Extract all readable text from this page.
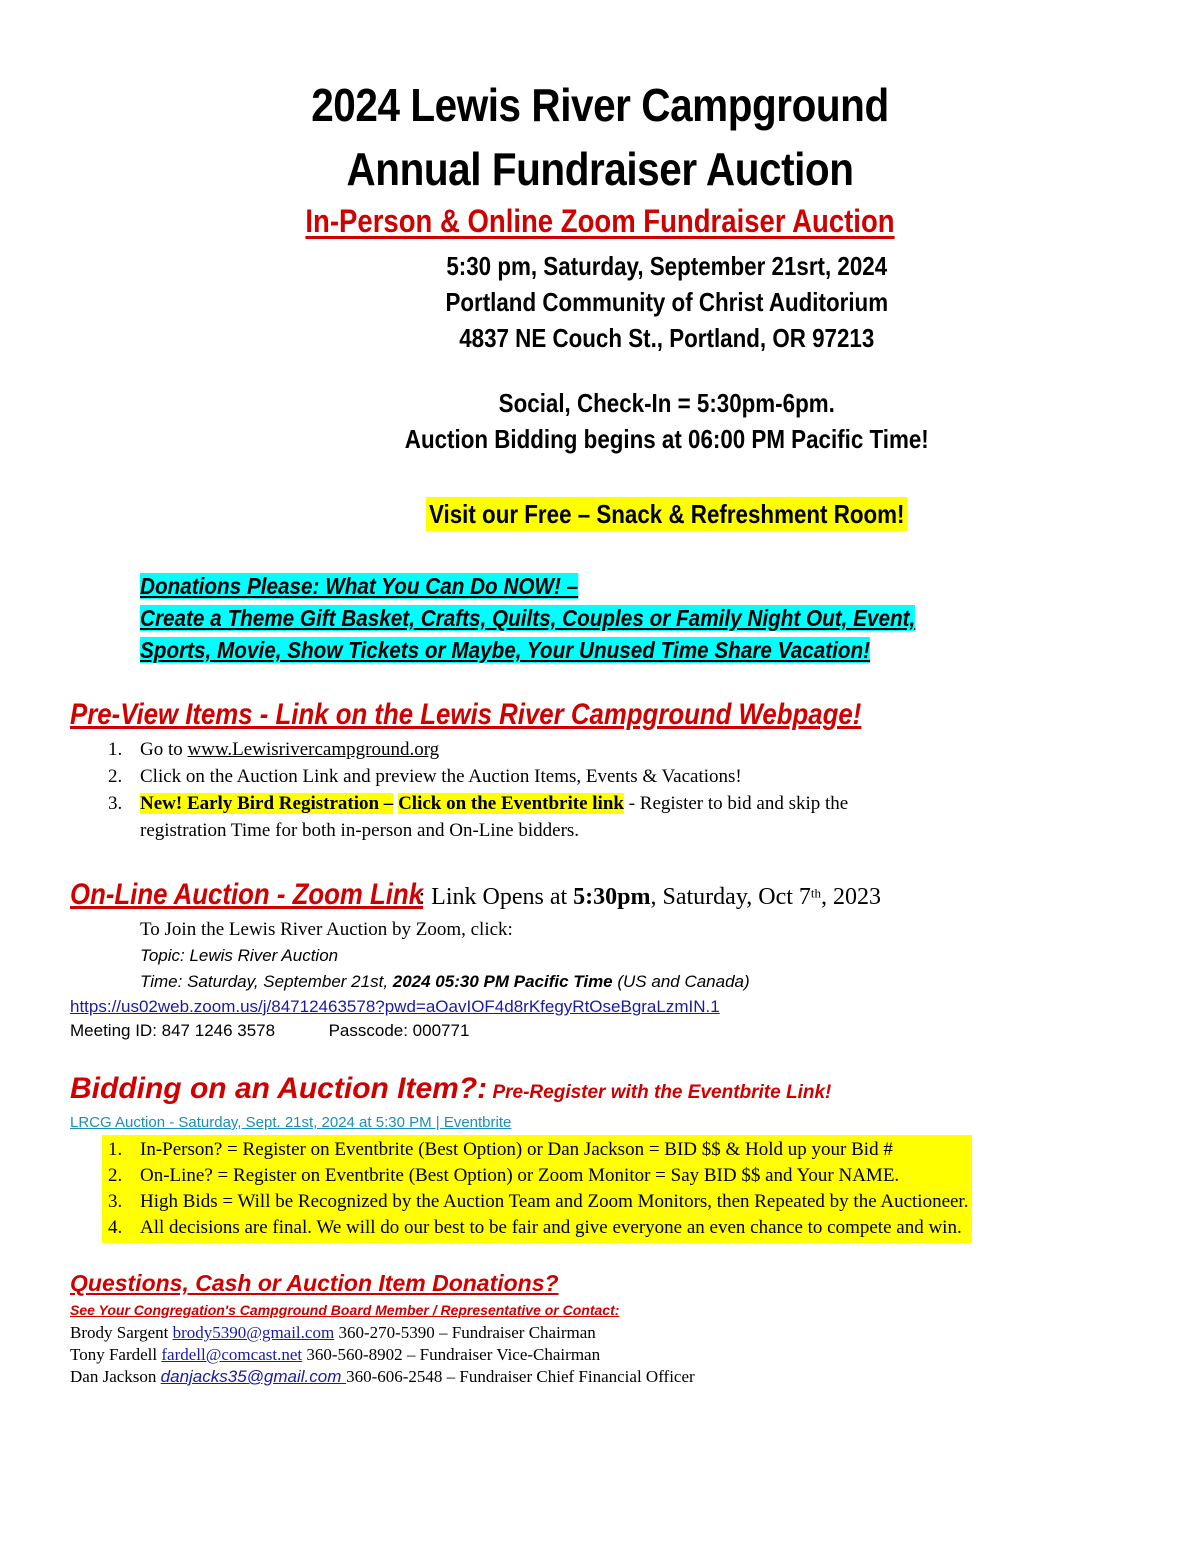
2024 Lewis River Campground
Annual Fundraiser Auction
In-Person & Online Zoom Fundraiser Auction
5:30 pm, Saturday, September 21srt, 2024
Portland Community of Christ Auditorium
4837 NE Couch St., Portland, OR 97213
Social, Check-In = 5:30pm-6pm.
Auction Bidding begins at 06:00 PM Pacific Time!
Visit our Free – Snack & Refreshment Room!
Donations Please: What You Can Do NOW! –
Create a Theme Gift Basket, Crafts, Quilts, Couples or Family Night Out, Event,
Sports, Movie, Show Tickets or Maybe, Your Unused Time Share Vacation!
Pre-View Items - Link on the Lewis River Campground Webpage!
1. Go to www.Lewisrivercampground.org
2. Click on the Auction Link and preview the Auction Items, Events & Vacations!
3. New! Early Bird Registration – Click on the Eventbrite link - Register to bid and skip the
registration Time for both in-person and On-Line bidders.
On-Line Auction - Zoom Link: Link Opens at 5:30pm, Saturday, Oct 7th, 2023
To Join the Lewis River Auction by Zoom, click:
Topic: Lewis River Auction
Time: Saturday, September 21st, 2024 05:30 PM Pacific Time (US and Canada)
https://us02web.zoom.us/j/84712463578?pwd=aOavIOF4d8rKfegyRtOseBgraLzmIN.1
Meeting ID: 847 1246 3578	Passcode: 000771
Bidding on an Auction Item?: Pre-Register with the Eventbrite Link!
LRCG Auction - Saturday, Sept. 21st, 2024 at 5:30 PM | Eventbrite
1. In-Person? = Register on Eventbrite (Best Option) or Dan Jackson = BID $$ & Hold up your Bid #
2. On-Line? = Register on Eventbrite (Best Option) or Zoom Monitor = Say BID $$ and Your NAME.
3. High Bids = Will be Recognized by the Auction Team and Zoom Monitors, then Repeated by the Auctioneer.
4. All decisions are final. We will do our best to be fair and give everyone an even chance to compete and win.
Questions, Cash or Auction Item Donations?
See Your Congregation's Campground Board Member / Representative or Contact:
Brody Sargent brody5390@gmail.com 360-270-5390 – Fundraiser Chairman
Tony Fardell fardell@comcast.net 360-560-8902 – Fundraiser Vice-Chairman
Dan Jackson danjacks35@gmail.com 360-606-2548 – Fundraiser Chief Financial Officer
